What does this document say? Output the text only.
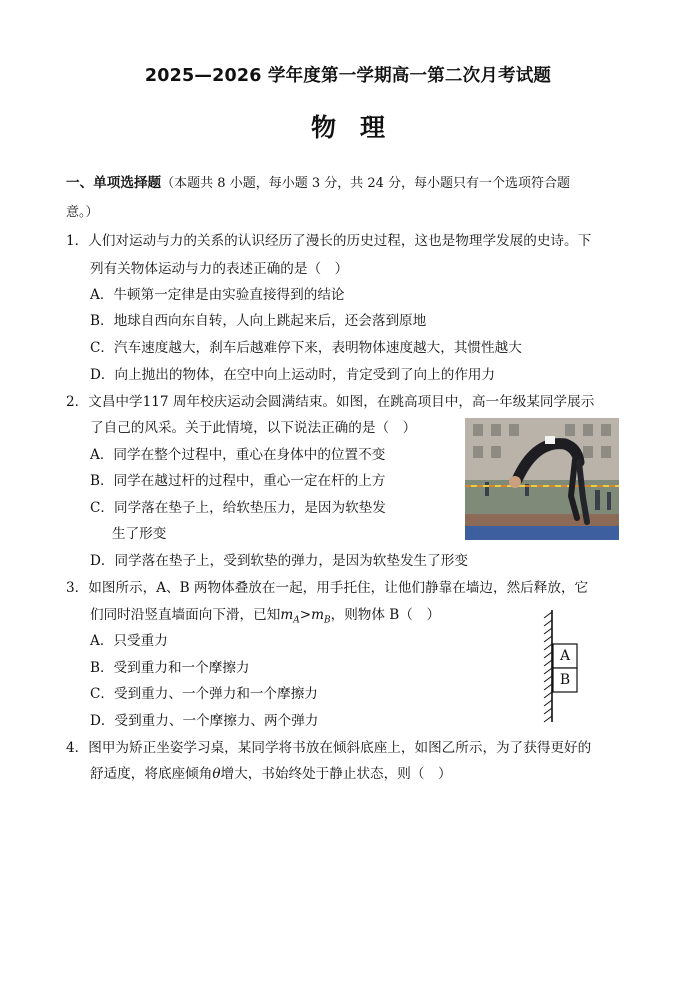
2025—2026 学年度第一学期高一第二次月考试题
物理
一、单项选择题（本题共 8 小题，每小题 3 分，共 24 分，每小题只有一个选项符合题
意。）
1．人们对运动与力的关系的认识经历了漫长的历史过程，这也是物理学发展的史诗。下
列有关物体运动与力的表述正确的是（　）
A．牛顿第一定律是由实验直接得到的结论
B．地球自西向东自转，人向上跳起来后，还会落到原地
C．汽车速度越大，刹车后越难停下来，表明物体速度越大，其惯性越大
D．向上抛出的物体，在空中向上运动时，肯定受到了向上的作用力
2．文昌中学117 周年校庆运动会圆满结束。如图，在跳高项目中，高一年级某同学展示
了自己的风采。关于此情境，以下说法正确的是（　）
A．同学在整个过程中，重心在身体中的位置不变
B．同学在越过杆的过程中，重心一定在杆的上方
C．同学落在垫子上，给软垫压力，是因为软垫发
生了形变
D．同学落在垫子上，受到软垫的弹力，是因为软垫发生了形变
3．如图所示，A、B 两物体叠放在一起，用手托住，让他们静靠在墙边，然后释放，它
们同时沿竖直墙面向下滑，已知$m_A>m_B$，则物体 B（　）
A．只受重力
B．受到重力和一个摩擦力
C．受到重力、一个弹力和一个摩擦力
D．受到重力、一个摩擦力、两个弹力
A
B
4．图甲为矫正坐姿学习桌，某同学将书放在倾斜底座上，如图乙所示，为了获得更好的
舒适度，将底座倾角θ增大，书始终处于静止状态，则（　）
